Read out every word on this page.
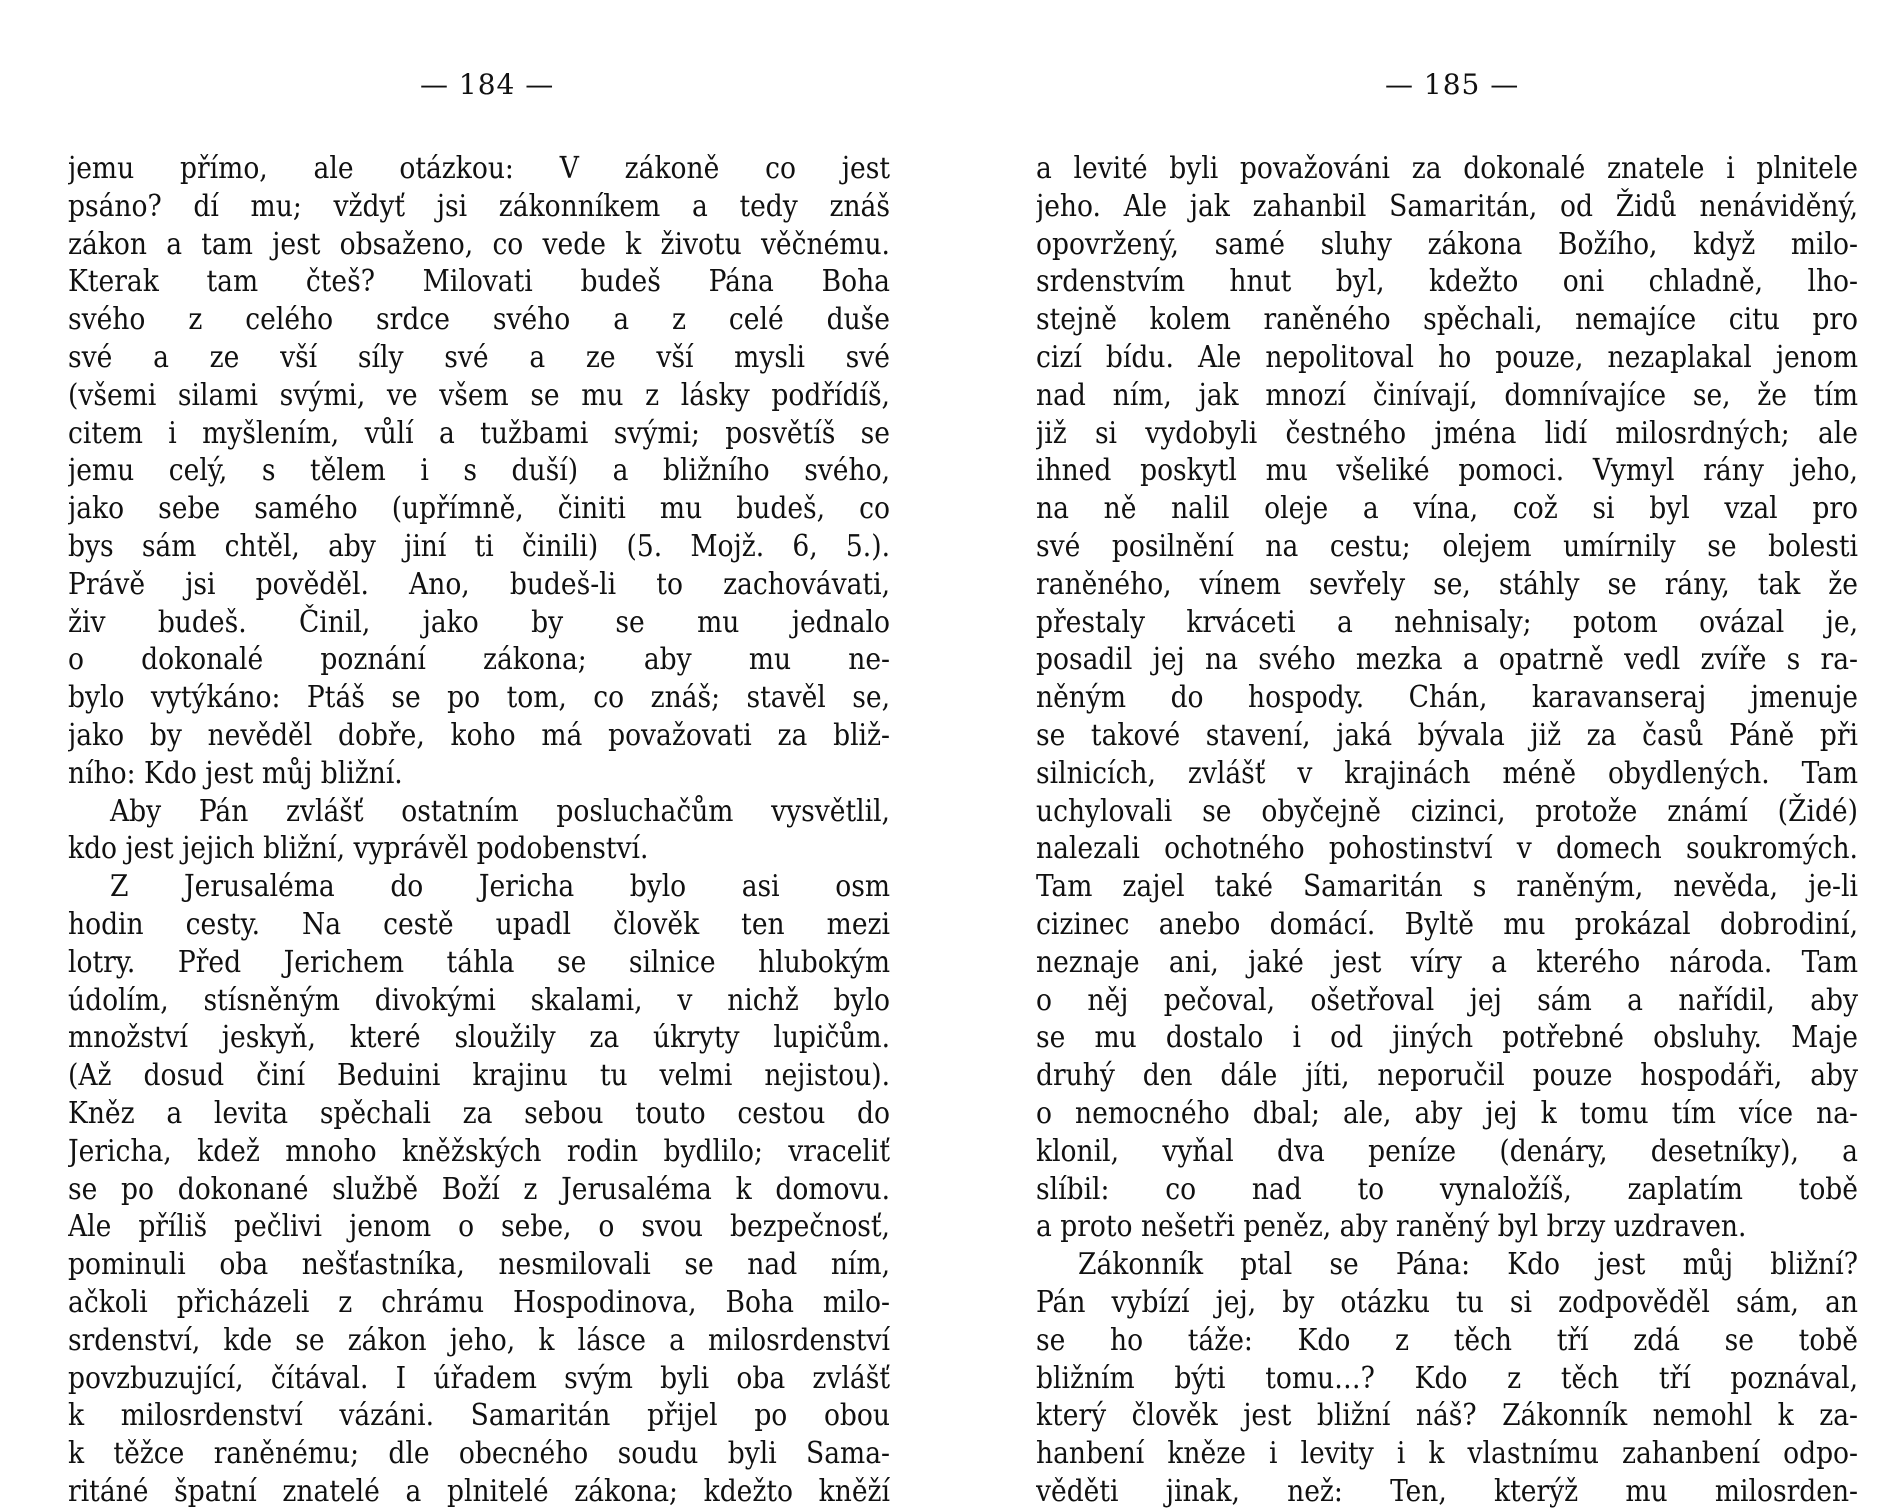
— 184 —
jemu přímo, ale otázkou: V zákoně co jest
psáno? dí mu; vždyť jsi zákonníkem a tedy znáš
zákon a tam jest obsaženo, co vede k životu věčnému.
Kterak tam čteš? Milovati budeš Pána Boha
svého z celého srdce svého a z celé duše
své a ze vší síly své a ze vší mysli své
(všemi silami svými, ve všem se mu z lásky podřídíš,
citem i myšlením, vůlí a tužbami svými; posvětíš se
jemu celý, s tělem i s duší) a bližního svého,
jako sebe samého (upřímně, činiti mu budeš, co
bys sám chtěl, aby jiní ti činili) (5. Mojž. 6, 5.).
Právě jsi pověděl. Ano, budeš-li to zachovávati,
živ budeš. Činil, jako by se mu jednalo
o dokonalé poznání zákona; aby mu ne-
bylo vytýkáno: Ptáš se po tom, co znáš; stavěl se,
jako by nevěděl dobře, koho má považovati za bliž-
ního: Kdo jest můj bližní.
Aby Pán zvlášť ostatním posluchačům vysvětlil,
kdo jest jejich bližní, vyprávěl podobenství.
Z Jerusaléma do Jericha bylo asi osm
hodin cesty. Na cestě upadl člověk ten mezi
lotry. Před Jerichem táhla se silnice hlubokým
údolím, stísněným divokými skalami, v nichž bylo
množství jeskyň, které sloužily za úkryty lupičům.
(Až dosud činí Beduini krajinu tu velmi nejistou).
Kněz a levita spěchali za sebou touto cestou do
Jericha, kdež mnoho kněžských rodin bydlilo; vraceliť
se po dokonané službě Boží z Jerusaléma k domovu.
Ale příliš pečlivi jenom o sebe, o svou bezpečnosť,
pominuli oba nešťastníka, nesmilovali se nad ním,
ačkoli přicházeli z chrámu Hospodinova, Boha milo-
srdenství, kde se zákon jeho, k lásce a milosrdenství
povzbuzující, čítával. I úřadem svým byli oba zvlášť
k milosrdenství vázáni. Samaritán přijel po obou
k těžce raněnému; dle obecného soudu byli Sama-
ritáné špatní znatelé a plnitelé zákona; kdežto kněží
— 185 —
a levité byli považováni za dokonalé znatele i plnitele
jeho. Ale jak zahanbil Samaritán, od Židů nenáviděný,
opovržený, samé sluhy zákona Božího, když milo-
srdenstvím hnut byl, kdežto oni chladně, lho-
stejně kolem raněného spěchali, nemajíce citu pro
cizí bídu. Ale nepolitoval ho pouze, nezaplakal jenom
nad ním, jak mnozí činívají, domnívajíce se, že tím
již si vydobyli čestného jména lidí milosrdných; ale
ihned poskytl mu všeliké pomoci. Vymyl rány jeho,
na ně nalil oleje a vína, což si byl vzal pro
své posilnění na cestu; olejem umírnily se bolesti
raněného, vínem sevřely se, stáhly se rány, tak že
přestaly krváceti a nehnisaly; potom ovázal je,
posadil jej na svého mezka a opatrně vedl zvíře s ra-
něným do hospody. Chán, karavanseraj jmenuje
se takové stavení, jaká bývala již za časů Páně při
silnicích, zvlášť v krajinách méně obydlených. Tam
uchylovali se obyčejně cizinci, protože známí (Židé)
nalezali ochotného pohostinství v domech soukromých.
Tam zajel také Samaritán s raněným, nevěda, je-li
cizinec anebo domácí. Byltě mu prokázal dobrodiní,
neznaje ani, jaké jest víry a kterého národa. Tam
o něj pečoval, ošetřoval jej sám a nařídil, aby
se mu dostalo i od jiných potřebné obsluhy. Maje
druhý den dále jíti, neporučil pouze hospodáři, aby
o nemocného dbal; ale, aby jej k tomu tím více na-
klonil, vyňal dva peníze (denáry, desetníky), a
slíbil: co nad to vynaložíš, zaplatím tobě
a proto nešetři peněz, aby raněný byl brzy uzdraven.
Zákonník ptal se Pána: Kdo jest můj bližní?
Pán vybízí jej, by otázku tu si zodpověděl sám, an
se ho táže: Kdo z těch tří zdá se tobě
bližním býti tomu…? Kdo z těch tří poznával,
který člověk jest bližní náš? Zákonník nemohl k za-
hanbení kněze i levity i k vlastnímu zahanbení odpo-
věděti jinak, než: Ten, kterýž mu milosrden-
